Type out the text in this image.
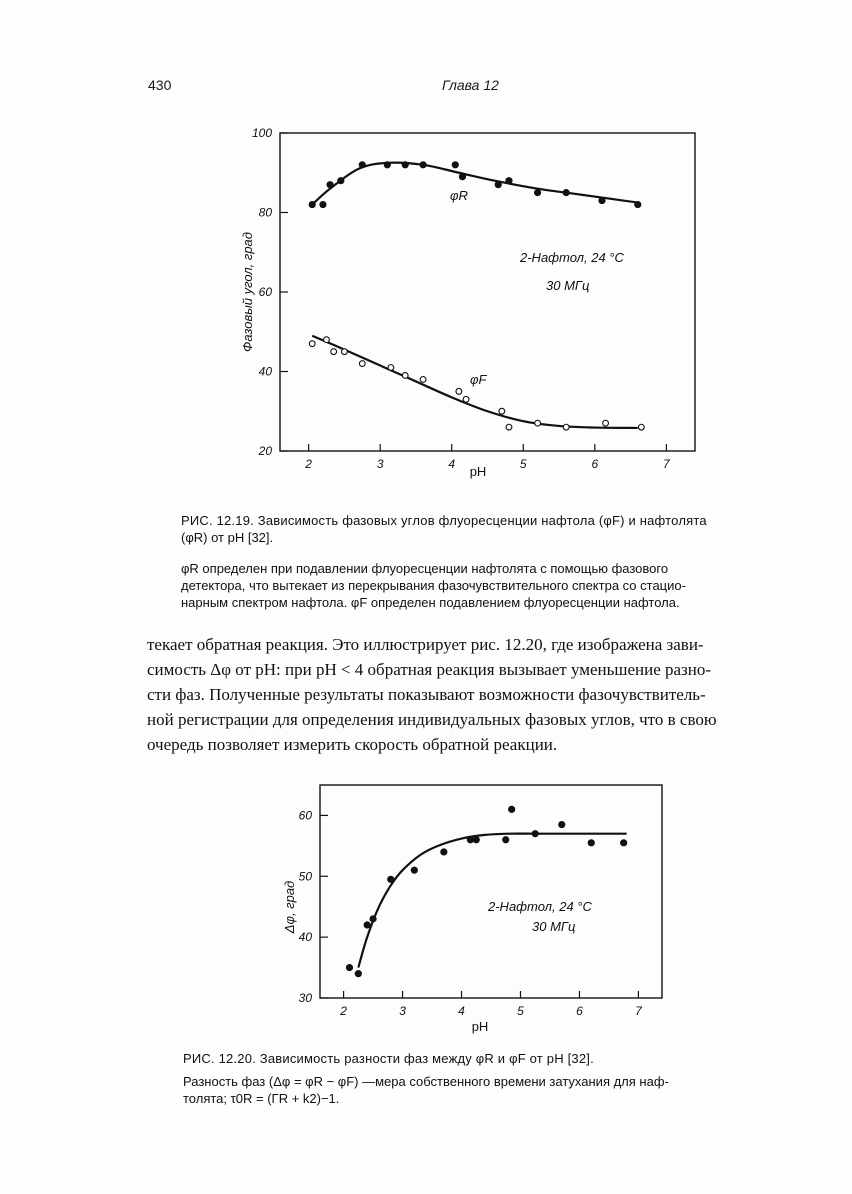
430	Глава 12
20
40
60
80
100
2	3	4	5	6	7
Фазовый угол, град
pH
φR
φF
2-Нафтол, 24 °С
30 МГц
РИС. 12.19. Зависимость фазовых углов флуоресценции нафтола (φF) и нафтолята
(φR) от pH [32].
φR определен при подавлении флуоресценции нафтолята с помощью фазового
детектора, что вытекает из перекрывания фазочувствительного спектра со стацио-
нарным спектром нафтола. φF определен подавлением флуоресценции нафтола.
текает обратная реакция. Это иллюстрирует рис. 12.20, где изображена зави-
симость Δφ от pH: при pH < 4 обратная реакция вызывает уменьшение разно-
сти фаз. Полученные результаты показывают возможности фазочувствитель-
ной регистрации для определения индивидуальных фазовых углов, что в свою
очередь позволяет измерить скорость обратной реакции.
30
40
50
60
2	3	4	5	6	7
Δφ, град
pH
2-Нафтол, 24 °С
30 МГц
РИС. 12.20. Зависимость разности фаз между φR и φF от pH [32].
Разность фаз (Δφ = φR − φF) —мера собственного времени затухания для наф-
толята; τ0R = (ΓR + k2)−1.
